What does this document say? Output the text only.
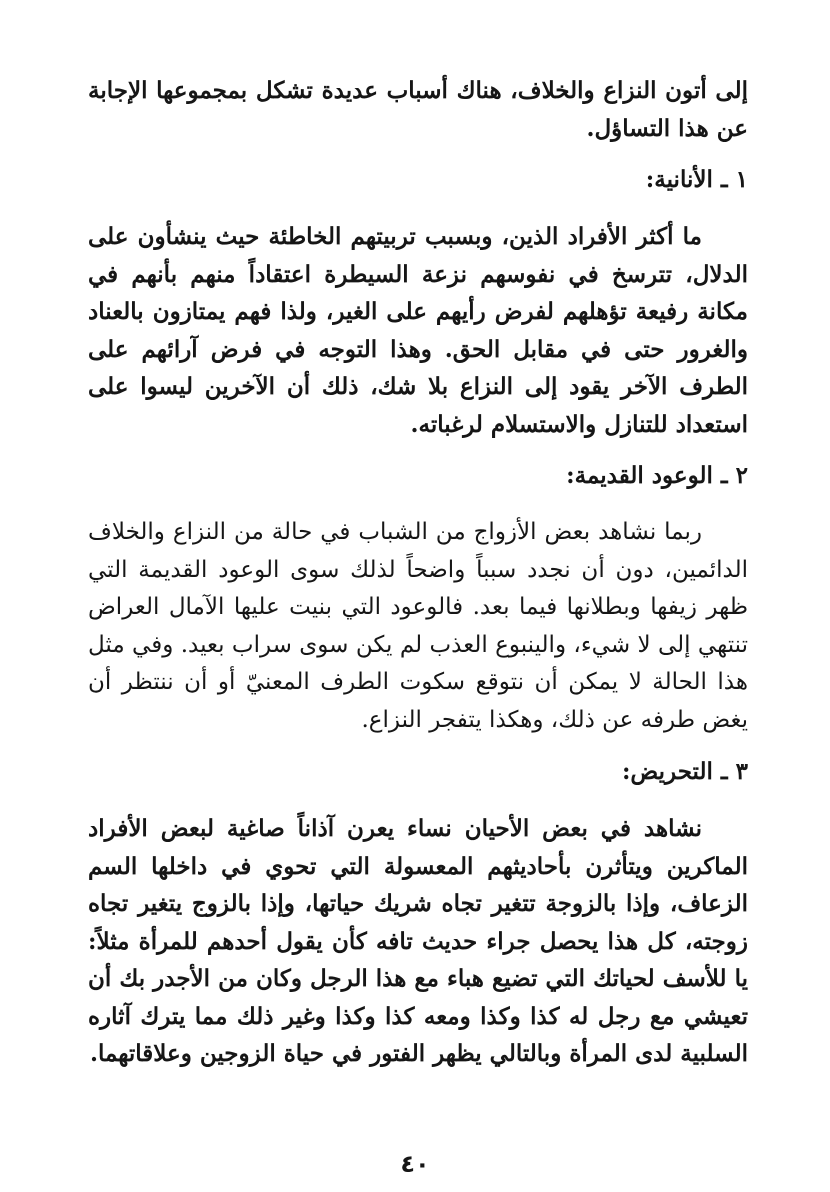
إلى أتون النزاع والخلاف، هناك أسباب عديدة تشكل بمجموعها الإجابة عن هذا التساؤل.

١ ـ الأنانية:

ما أكثر الأفراد الذين، وبسبب تربيتهم الخاطئة حيث ينشأون على الدلال، تترسخ في نفوسهم نزعة السيطرة اعتقاداً منهم بأنهم في مكانة رفيعة تؤهلهم لفرض رأيهم على الغير، ولذا فهم يمتازون بالعناد والغرور حتى في مقابل الحق. وهذا التوجه في فرض آرائهم على الطرف الآخر يقود إلى النزاع بلا شك، ذلك أن الآخرين ليسوا على استعداد للتنازل والاستسلام لرغباته.

٢ ـ الوعود القديمة:

ربما نشاهد بعض الأزواج من الشباب في حالة من النزاع والخلاف الدائمين، دون أن نجدد سبباً واضحاً لذلك سوى الوعود القديمة التي ظهر زيفها وبطلانها فيما بعد. فالوعود التي بنيت عليها الآمال العراض تنتهي إلى لا شيء، والينبوع العذب لم يكن سوى سراب بعيد. وفي مثل هذا الحالة لا يمكن أن نتوقع سكوت الطرف المعنيّ أو أن ننتظر أن يغض طرفه عن ذلك، وهكذا يتفجر النزاع.

٣ ـ التحريض:

نشاهد في بعض الأحيان نساء يعرن آذاناً صاغية لبعض الأفراد الماكرين ويتأثرن بأحاديثهم المعسولة التي تحوي في داخلها السم الزعاف، وإذا بالزوجة تتغير تجاه شريك حياتها، وإذا بالزوج يتغير تجاه زوجته، كل هذا يحصل جراء حديث تافه كأن يقول أحدهم للمرأة مثلاً: يا للأسف لحياتك التي تضيع هباء مع هذا الرجل وكان من الأجدر بك أن تعيشي مع رجل له كذا وكذا ومعه كذا وكذا وغير ذلك مما يترك آثاره السلبية لدى المرأة وبالتالي يظهر الفتور في حياة الزوجين وعلاقاتهما.

٤٠
